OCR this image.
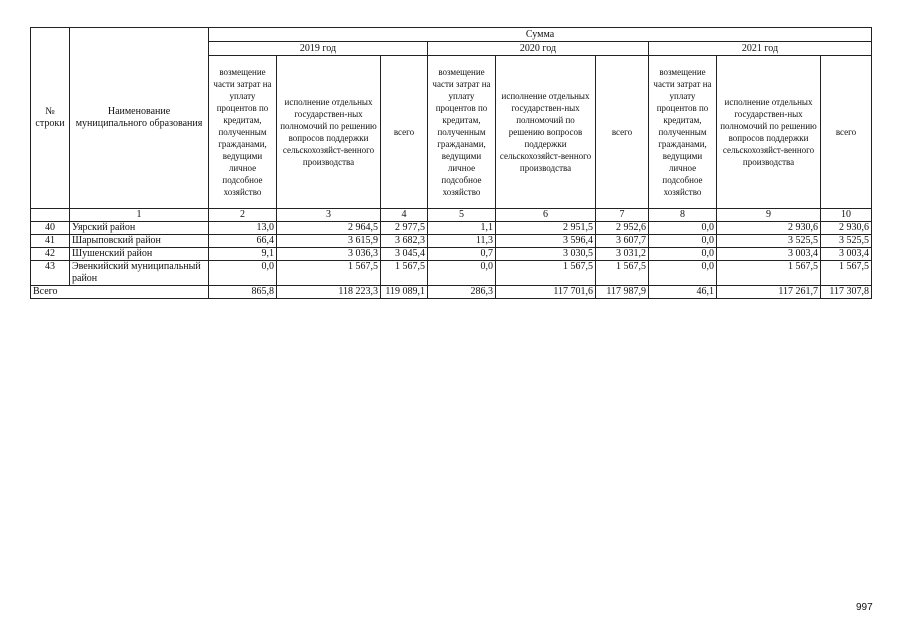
№ строки	Наименование муниципального образования	Сумма								
		2019 год			2020 год			2021 год		
		возмещение части затрат на уплату процентов по кредитам, полученным гражданами, ведущими личное подсобное хозяйство	исполнение отдельных государствен-ных полномочий по решению вопросов поддержки сельскохозяйст-венного производства	всего	возмещение части затрат на уплату процентов по кредитам, полученным гражданами, ведущими личное подсобное хозяйство	исполнение отдельных государствен-ных полномочий по решению вопросов поддержки сельскохозяйст-венного производства	всего	возмещение части затрат на уплату процентов по кредитам, полученным гражданами, ведущими личное подсобное хозяйство	исполнение отдельных государствен-ных полномочий по решению вопросов поддержки сельскохозяйст-венного производства	всего
	1	2	3	4	5	6	7	8	9	10
40	Уярский район	13,0	2 964,5	2 977,5	1,1	2 951,5	2 952,6	0,0	2 930,6	2 930,6
41	Шарыповский район	66,4	3 615,9	3 682,3	11,3	3 596,4	3 607,7	0,0	3 525,5	3 525,5
42	Шушенский район	9,1	3 036,3	3 045,4	0,7	3 030,5	3 031,2	0,0	3 003,4	3 003,4
43	Эвенкийский муниципальный район	0,0	1 567,5	1 567,5	0,0	1 567,5	1 567,5	0,0	1 567,5	1 567,5
Всего		865,8	118 223,3	119 089,1	286,3	117 701,6	117 987,9	46,1	117 261,7	117 307,8
997
